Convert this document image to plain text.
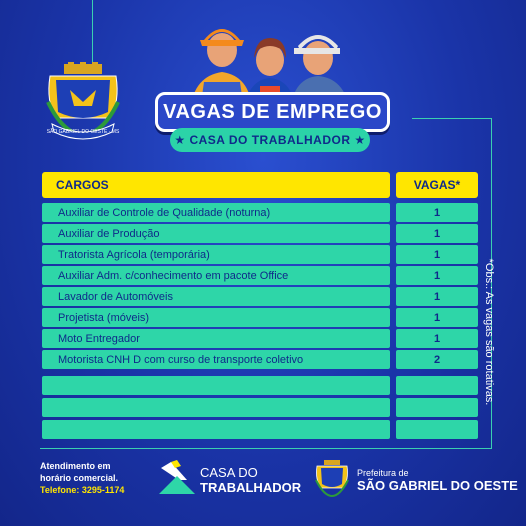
SÃO GABRIEL DO OESTE · MS
VAGAS DE EMPREGO
★ CASA DO TRABALHADOR ★
CARGOS	VAGAS*
Auxiliar de Controle de Qualidade (noturna)	1
Auxiliar de Produção	1
Tratorista Agrícola (temporária)	1
Auxiliar Adm. c/conhecimento em pacote Office	1
Lavador de Automóveis	1
Projetista (móveis)	1
Moto Entregador	1
Motorista CNH D com curso de transporte coletivo	2	*Obs.: As vagas são rotativas.
Atendimento em
horário comercial.
Telefone: 3295-1174
CASA DO
TRABALHADOR
Prefeitura de
SÃO GABRIEL DO OESTE
